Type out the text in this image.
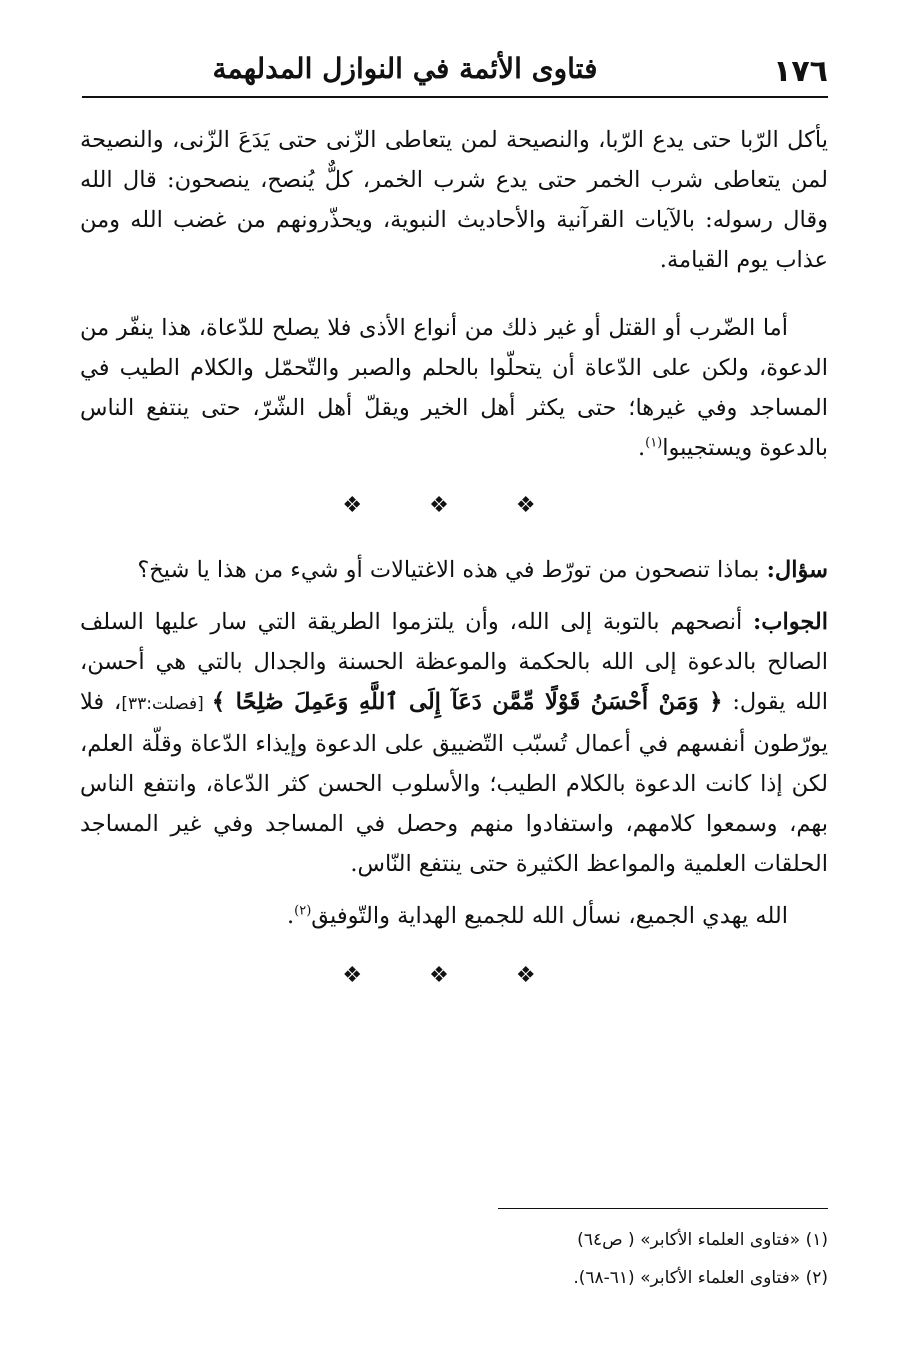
١٧٦
فتاوى الأئمة في النوازل المدلهمة

يأكل الرّبا حتى يدع الرّبا، والنصيحة لمن يتعاطى الزّنى حتى يَدَعَ الزّنى، والنصيحة لمن يتعاطى شرب الخمر حتى يدع شرب الخمر، كلٌّ يُنصح، ينصحون: قال الله وقال رسوله: بالآيات القرآنية والأحاديث النبوية، ويحذّرونهم من غضب الله ومن عذاب يوم القيامة.

أما الضّرب أو القتل أو غير ذلك من أنواع الأذى فلا يصلح للدّعاة، هذا ينفّر من الدعوة، ولكن على الدّعاة أن يتحلّوا بالحلم والصبر والتّحمّل والكلام الطيب في المساجد وفي غيرها؛ حتى يكثر أهل الخير ويقلّ أهل الشّرّ، حتى ينتفع الناس بالدعوة ويستجيبوا$^{(١)}$.

❖ ❖ ❖

سؤال: بماذا تنصحون من تورّط في هذه الاغتيالات أو شيء من هذا يا شيخ؟

الجواب: أنصحهم بالتوبة إلى الله، وأن يلتزموا الطريقة التي سار عليها السلف الصالح بالدعوة إلى الله بالحكمة والموعظة الحسنة والجدال بالتي هي أحسن، الله يقول: ﴿ وَمَنْ أَحْسَنُ قَوْلًا مِّمَّن دَعَآ إِلَى ٱللَّهِ وَعَمِلَ صَٰلِحًا ﴾ [فصلت:٣٣]، فلا يورّطون أنفسهم في أعمال تُسبّب التّضييق على الدعوة وإيذاء الدّعاة وقلّة العلم، لكن إذا كانت الدعوة بالكلام الطيب؛ والأسلوب الحسن كثر الدّعاة، وانتفع الناس بهم، وسمعوا كلامهم، واستفادوا منهم وحصل في المساجد وفي غير المساجد الحلقات العلمية والمواعظ الكثيرة حتى ينتفع النّاس.

الله يهدي الجميع، نسأل الله للجميع الهداية والتّوفيق$^{(٢)}$.

❖ ❖ ❖

(١) «فتاوى العلماء الأكابر» ( ص٦٤)

(٢) «فتاوى العلماء الأكابر» (٦١-٦٨).
